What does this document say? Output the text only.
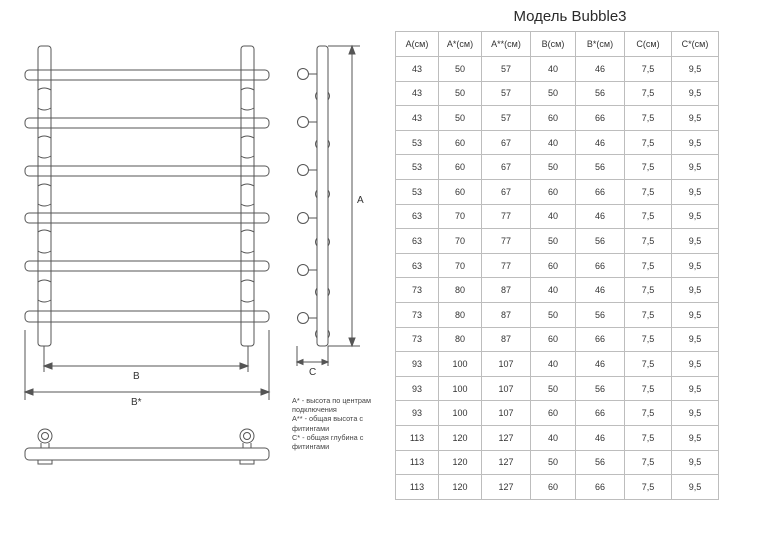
B
B*
A
C
A* - высота по центрам подключения
A** - общая высота с фитингами
С* - общая глубина с фитингами
Модель Bubble3
A(см)	A*(см)	A**(см)	B(см)	B*(см)	C(см)	C*(см)
43	50	57	40	46	7,5	9,5
43	50	57	50	56	7,5	9,5
43	50	57	60	66	7,5	9,5
53	60	67	40	46	7,5	9,5
53	60	67	50	56	7,5	9,5
53	60	67	60	66	7,5	9,5
63	70	77	40	46	7,5	9,5
63	70	77	50	56	7,5	9,5
63	70	77	60	66	7,5	9,5
73	80	87	40	46	7,5	9,5
73	80	87	50	56	7,5	9,5
73	80	87	60	66	7,5	9,5
93	100	107	40	46	7,5	9,5
93	100	107	50	56	7,5	9,5
93	100	107	60	66	7,5	9,5
113	120	127	40	46	7,5	9,5
113	120	127	50	56	7,5	9,5
113	120	127	60	66	7,5	9,5
